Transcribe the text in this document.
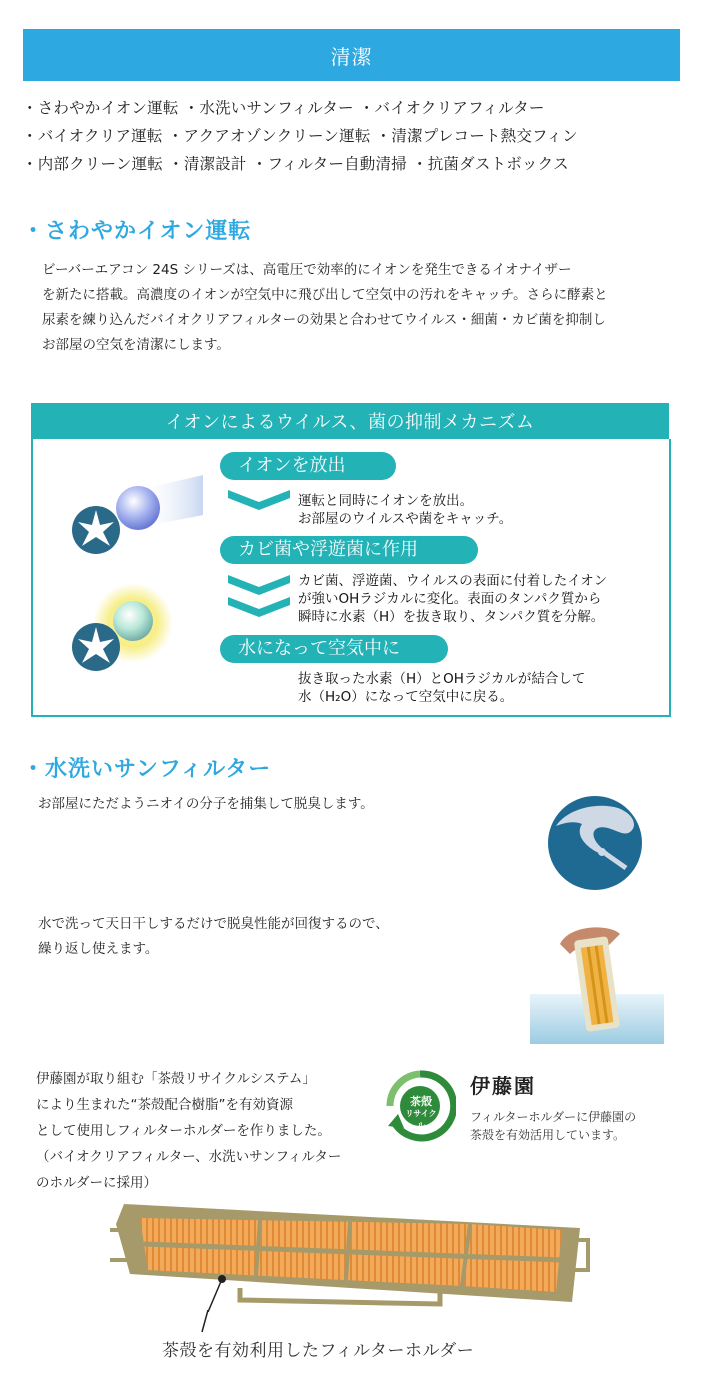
清潔
・さわやかイオン運転 ・水洗いサンフィルター ・バイオクリアフィルター
・バイオクリア運転 ・アクアオゾンクリーン運転 ・清潔プレコート熱交フィン
・内部クリーン運転 ・清潔設計 ・フィルター自動清掃 ・抗菌ダストボックス
・さわやかイオン運転
ビーバーエアコン 24S シリーズは、高電圧で効率的にイオンを発生できるイオナイザー
を新たに搭載。高濃度のイオンが空気中に飛び出して空気中の汚れをキャッチ。さらに酵素と
尿素を練り込んだバイオクリアフィルターの効果と合わせてウイルス・細菌・カビ菌を抑制し
お部屋の空気を清潔にします。
イオンによるウイルス、菌の抑制メカニズム
イオンを放出
運転と同時にイオンを放出。
お部屋のウイルスや菌をキャッチ。
カビ菌や浮遊菌に作用
カビ菌、浮遊菌、ウイルスの表面に付着したイオン
が強いOHラジカルに変化。表面のタンパク質から
瞬時に水素（H）を抜き取り、タンパク質を分解。
水になって空気中に
抜き取った水素（H）とOHラジカルが結合して
水（H₂O）になって空気中に戻る。
・水洗いサンフィルター
お部屋にただようニオイの分子を捕集して脱臭します。
水で洗って天日干しするだけで脱臭性能が回復するので、
繰り返し使えます。
伊藤園が取り組む「茶殻リサイクルシステム」
により生まれた“茶殻配合樹脂”を有効資源
として使用しフィルターホルダーを作りました。
（バイオクリアフィルター、水洗いサンフィルター
のホルダーに採用）
茶殻
リサイクル
伊藤園
フィルターホルダーに伊藤園の
茶殻を有効活用しています。
茶殻を有効利用したフィルターホルダー
